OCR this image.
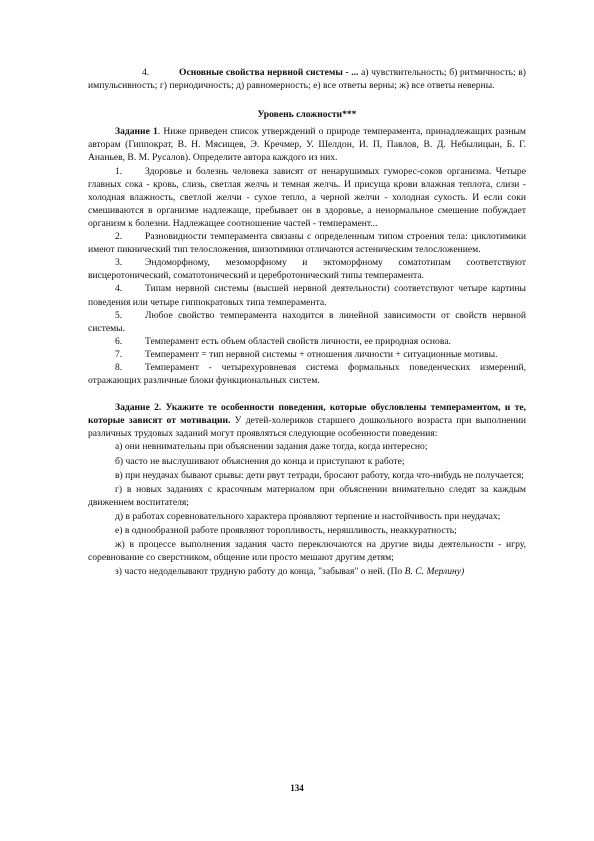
4.	Основные свойства нервной системы - ... а) чувствительность; б) ритмичность; в) импульсивность; г) периодичность; д) равномерность; е) все ответы верны; ж) все ответы неверны.

Уровень сложности***

Задание 1. Ниже приведен список утверждений о природе темперамента, принадлежащих разным авторам (Гиппократ, В. Н. Мясищев, Э. Кречмер, У. Шелдон, И. П, Павлов, В. Д. Небылицын, Б. Г. Ананьев, В. М. Русалов). Определите автора каждого из них.

1. Здоровье и болезнь человека зависят от ненарушимых гуморес-соков организма. Четыре главных сока - кровь, слизь, светлая желчь и темная желчь. И присуща крови влажная теплота, слизи - холодная влажность, светлой желчи - сухое тепло, а черной желчи - холодная сухость. И если соки смешиваются в организме надлежаще, пребывает он в здоровье, а ненормальное смешение побуждает организм к болезни. Надлежащее соотношение частей - темперамент...

2. Разновидности темперамента связаны с определенным типом строения тела: циклотимики имеют пикнический тип телосложения, шизотимики отличаются астеническим телосложением.

3. Эндоморфному, мезоморфному и эктоморфному соматотипам соответствуют висцеротонический, соматотонический и церебротонический типы темперамента.

4. Типам нервной системы (высшей нервной деятельности) соответствуют четыре картины поведения или четыре гиппократовых типа темперамента.

5. Любое свойство темперамента находится в линейной зависимости от свойств нервной системы.

6. Темперамент есть объем областей свойств личности, ее природная основа.

7. Темперамент = тип нервной системы + отношения личности + ситуационные мотивы.

8. Темперамент - четырехуровневая система формальных поведенческих измерений, отражающих различные блоки функциональных систем.

Задание 2. Укажите те особенности поведения, которые обусловлены темпераментом, и те, которые зависят от мотивации. У детей-холериков старшего дошкольного возраста при выполнении различных трудовых заданий могут проявляться следующие особенности поведения:

а) они невнимательны при объяснении задания даже тогда, когда интересно;

б) часто не выслушивают объяснения до конца и приступают к работе;

в) при неудачах бывают срывы: дети рвут тетради, бросают работу, когда что-нибудь не получается;

г) в новых заданиях с красочным материалом при объяснении внимательно следят за каждым движением воспитателя;

д) в работах соревновательного характера проявляют терпение и настойчивость при неудачах;

е) в однообразной работе проявляют торопливость, неряшливость, неаккуратность;

ж) в процессе выполнения задания часто переключаются на другие виды деятельности - игру, соревнование со сверстником, общение или просто мешают другим детям;

з) часто недоделывают трудную работу до конца, "забывая" о ней. (По В. С. Мерлину)

134
